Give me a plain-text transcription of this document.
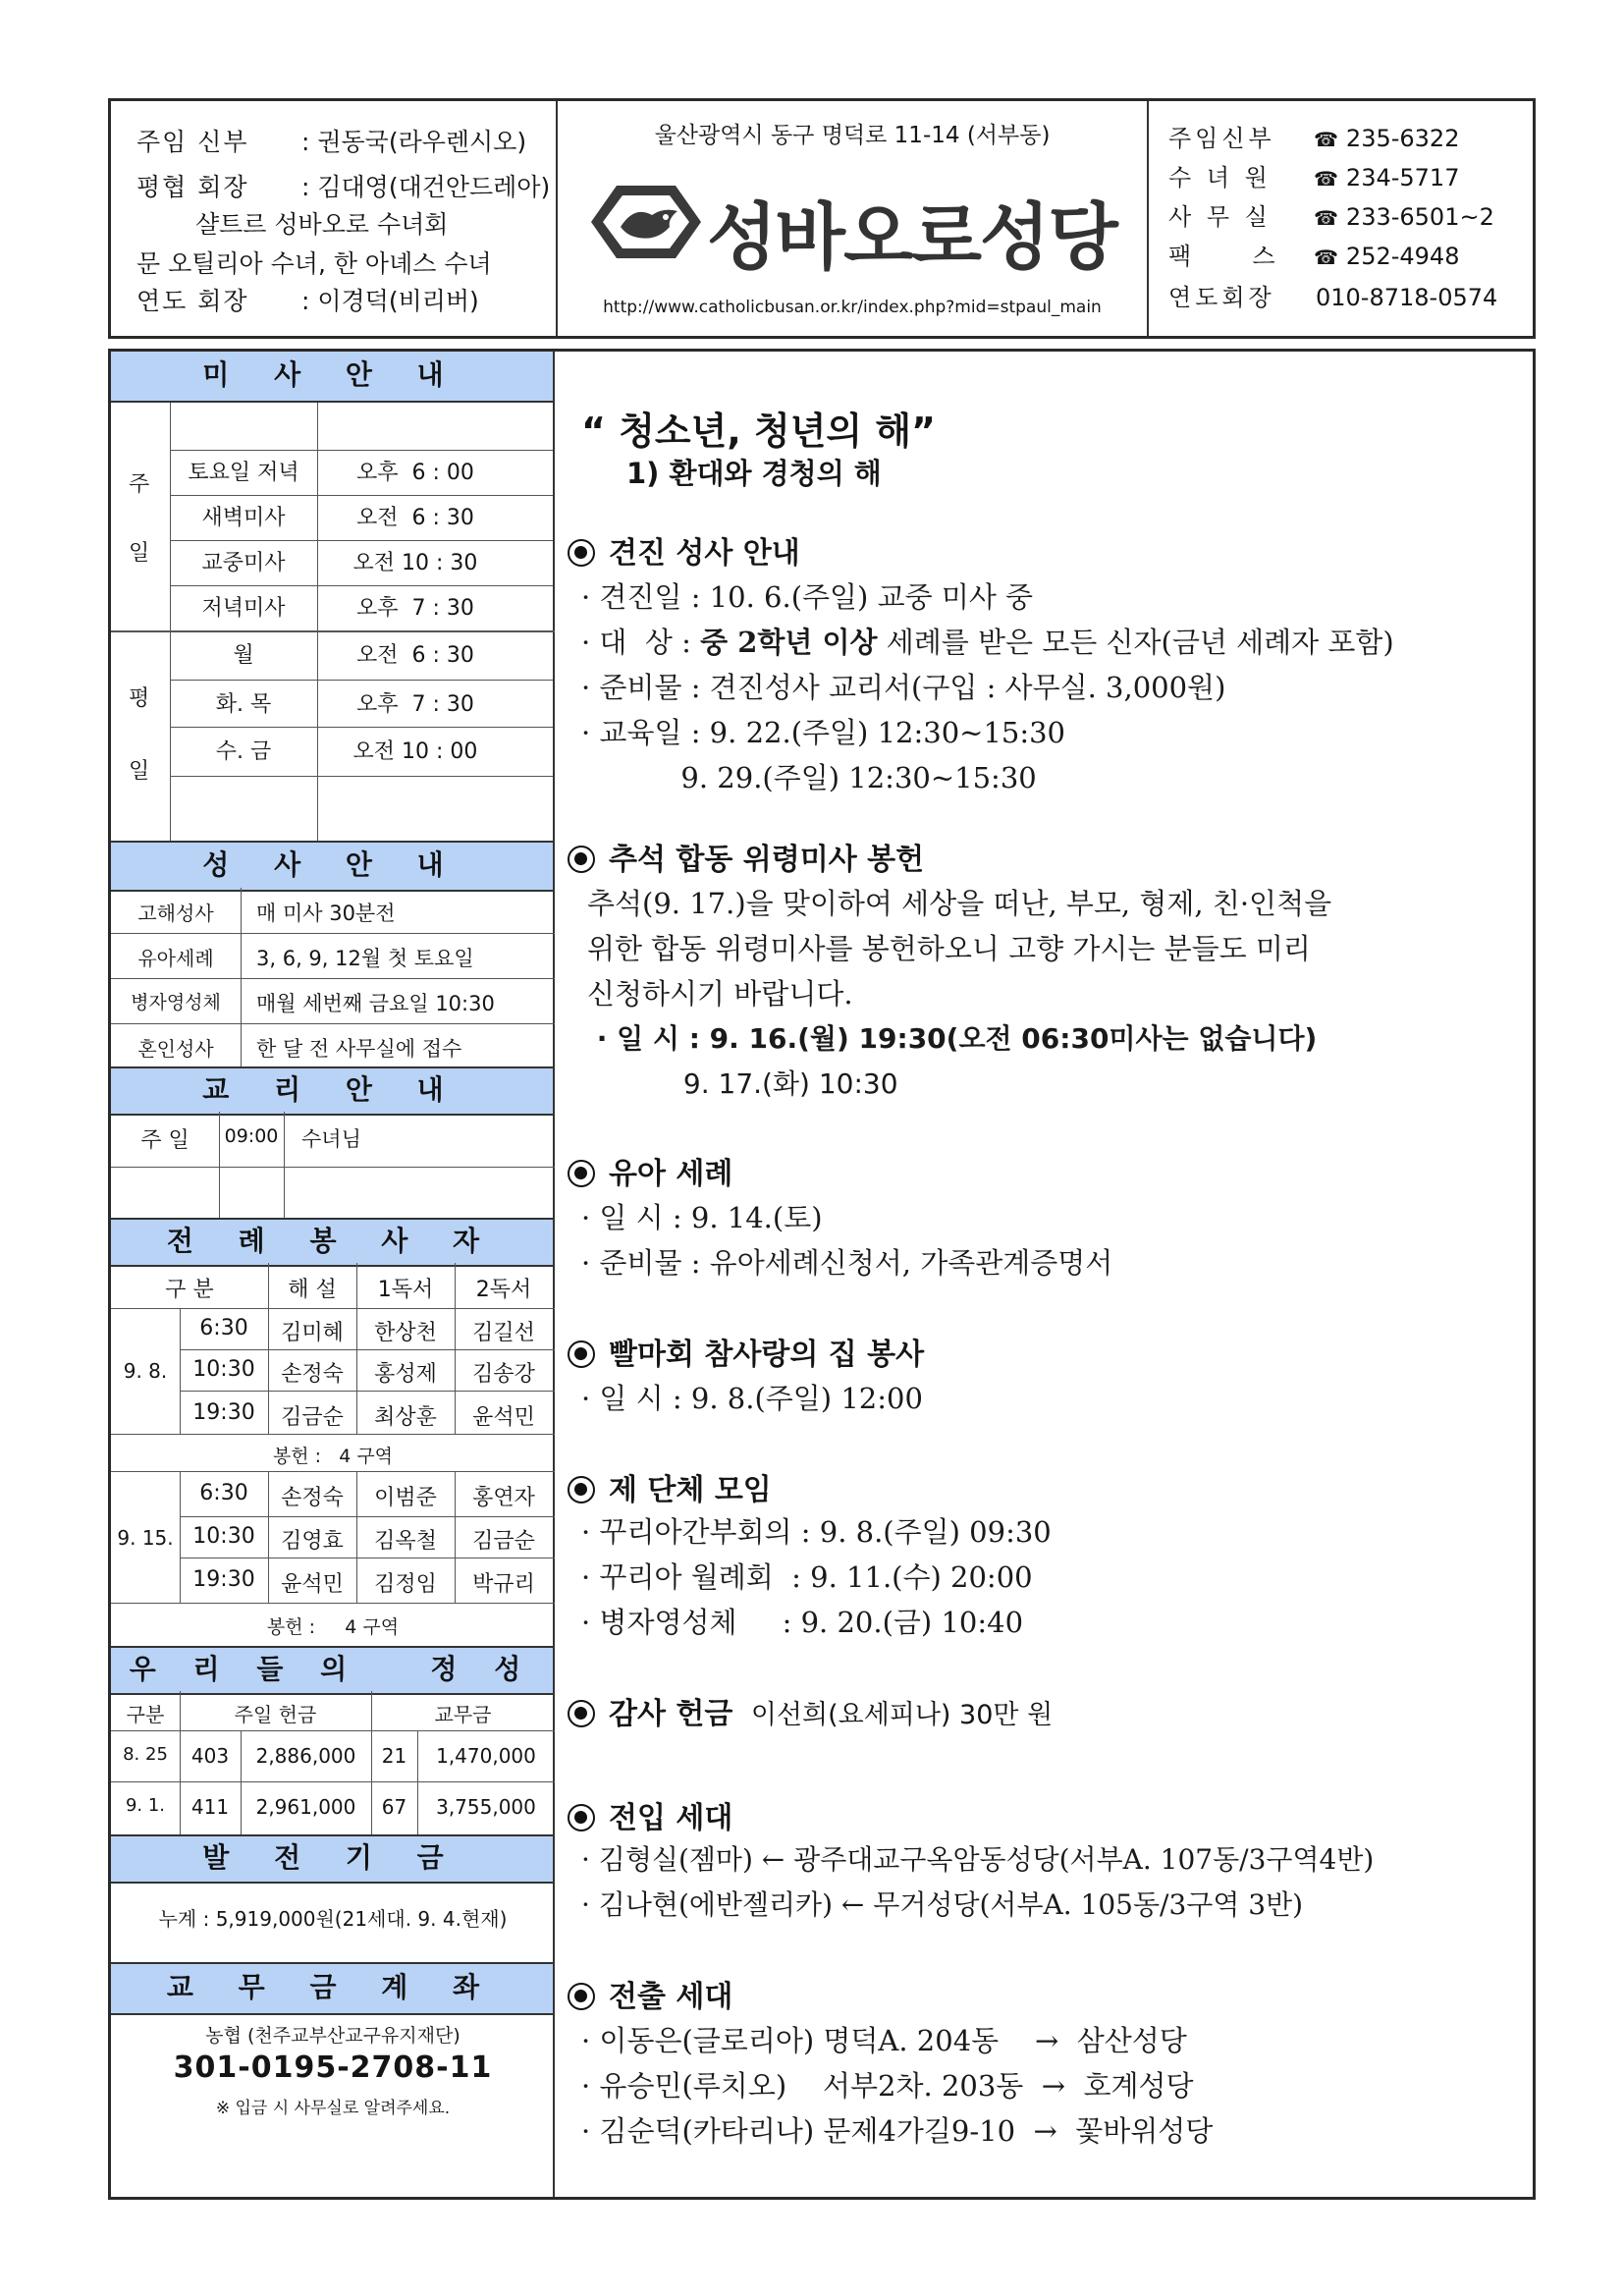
주임 신부 : 권동국(라우렌시오)
평협 회장 : 김대영(대건안드레아)
샬트르 성바오로 수녀회
문 오틸리아 수녀, 한 아녜스 수녀
연도 회장 : 이경덕(비리버)
울산광역시 동구 명덕로 11-14 (서부동)
성바오로성당
http://www.catholicbusan.or.kr/index.php?mid=stpaul_main
주임신부 ☎ 235-6322
수 녀 원 ☎ 234-5717
사 무 실 ☎ 233-6501~2
팩     스 ☎ 252-4948
연도회장 010-8718-0574
미 사 안 내
주
일
토요일 저녁	오후  6 : 00
새벽미사	오전  6 : 30
교중미사	오전 10 : 30
저녁미사	오후  7 : 30
평
일
월	오전  6 : 30
화. 목	오후  7 : 30
수. 금	오전 10 : 00
성 사 안 내
고해성사	매 미사 30분전
유아세례	3, 6, 9, 12월 첫 토요일
병자영성체	매월 세번째 금요일 10:30
혼인성사	한 달 전 사무실에 접수
교 리 안 내
주 일	09:00 수녀님
전 례 봉 사 자
구 분	해 설	1독서	2독서
9. 8.
6:30	김미혜	한상천	김길선
10:30	손정숙	홍성제	김송강
19:30	김금순	최상훈	윤석민
봉헌 :   4 구역
9. 15.
6:30	손정숙	이범준	홍연자
10:30	김영효	김옥철	김금순
19:30	윤석민	김정임	박규리
봉헌 :     4 구역
우 리 들 의   정 성
구분	주일 헌금	교무금
8. 25	403	2,886,000	21	1,470,000
9. 1.	411	2,961,000	67	3,755,000
발 전 기 금
누계 : 5,919,000원(21세대. 9. 4.현재)
교 무 금 계 좌
농협 (천주교부산교구유지재단)
301-0195-2708-11
※ 입금 시 사무실로 알려주세요.
“ 청소년, 청년의 해”
1) 환대와 경청의 해
견진 성사 안내
· 견진일 : 10. 6.(주일) 교중 미사 중
· 대  상 : 중 2학년 이상 세례를 받은 모든 신자(금년 세례자 포함)
· 준비물 : 견진성사 교리서(구입 : 사무실. 3,000원)
· 교육일 : 9. 22.(주일) 12:30~15:30
9. 29.(주일) 12:30~15:30
추석 합동 위령미사 봉헌
추석(9. 17.)을 맞이하여 세상을 떠난, 부모, 형제, 친·인척을
위한 합동 위령미사를 봉헌하오니 고향 가시는 분들도 미리
신청하시기 바랍니다.
· 일 시 : 9. 16.(월) 19:30(오전 06:30미사는 없습니다)
9. 17.(화) 10:30
유아 세례
· 일 시 : 9. 14.(토)
· 준비물 : 유아세례신청서, 가족관계증명서
빨마회 참사랑의 집 봉사
· 일 시 : 9. 8.(주일) 12:00
제 단체 모임
· 꾸리아간부회의 : 9. 8.(주일) 09:30
· 꾸리아 월례회  : 9. 11.(수) 20:00
· 병자영성체     : 9. 20.(금) 10:40
감사 헌금 이선희(요세피나) 30만 원
전입 세대
· 김형실(젬마) ← 광주대교구옥암동성당(서부A. 107동/3구역4반)
· 김나현(에반젤리카) ← 무거성당(서부A. 105동/3구역 3반)
전출 세대
· 이동은(글로리아) 명덕A. 204동    →  삼산성당
· 유승민(루치오)    서부2차. 203동  →  호계성당
· 김순덕(카타리나) 문제4가길9-10  →  꽃바위성당
